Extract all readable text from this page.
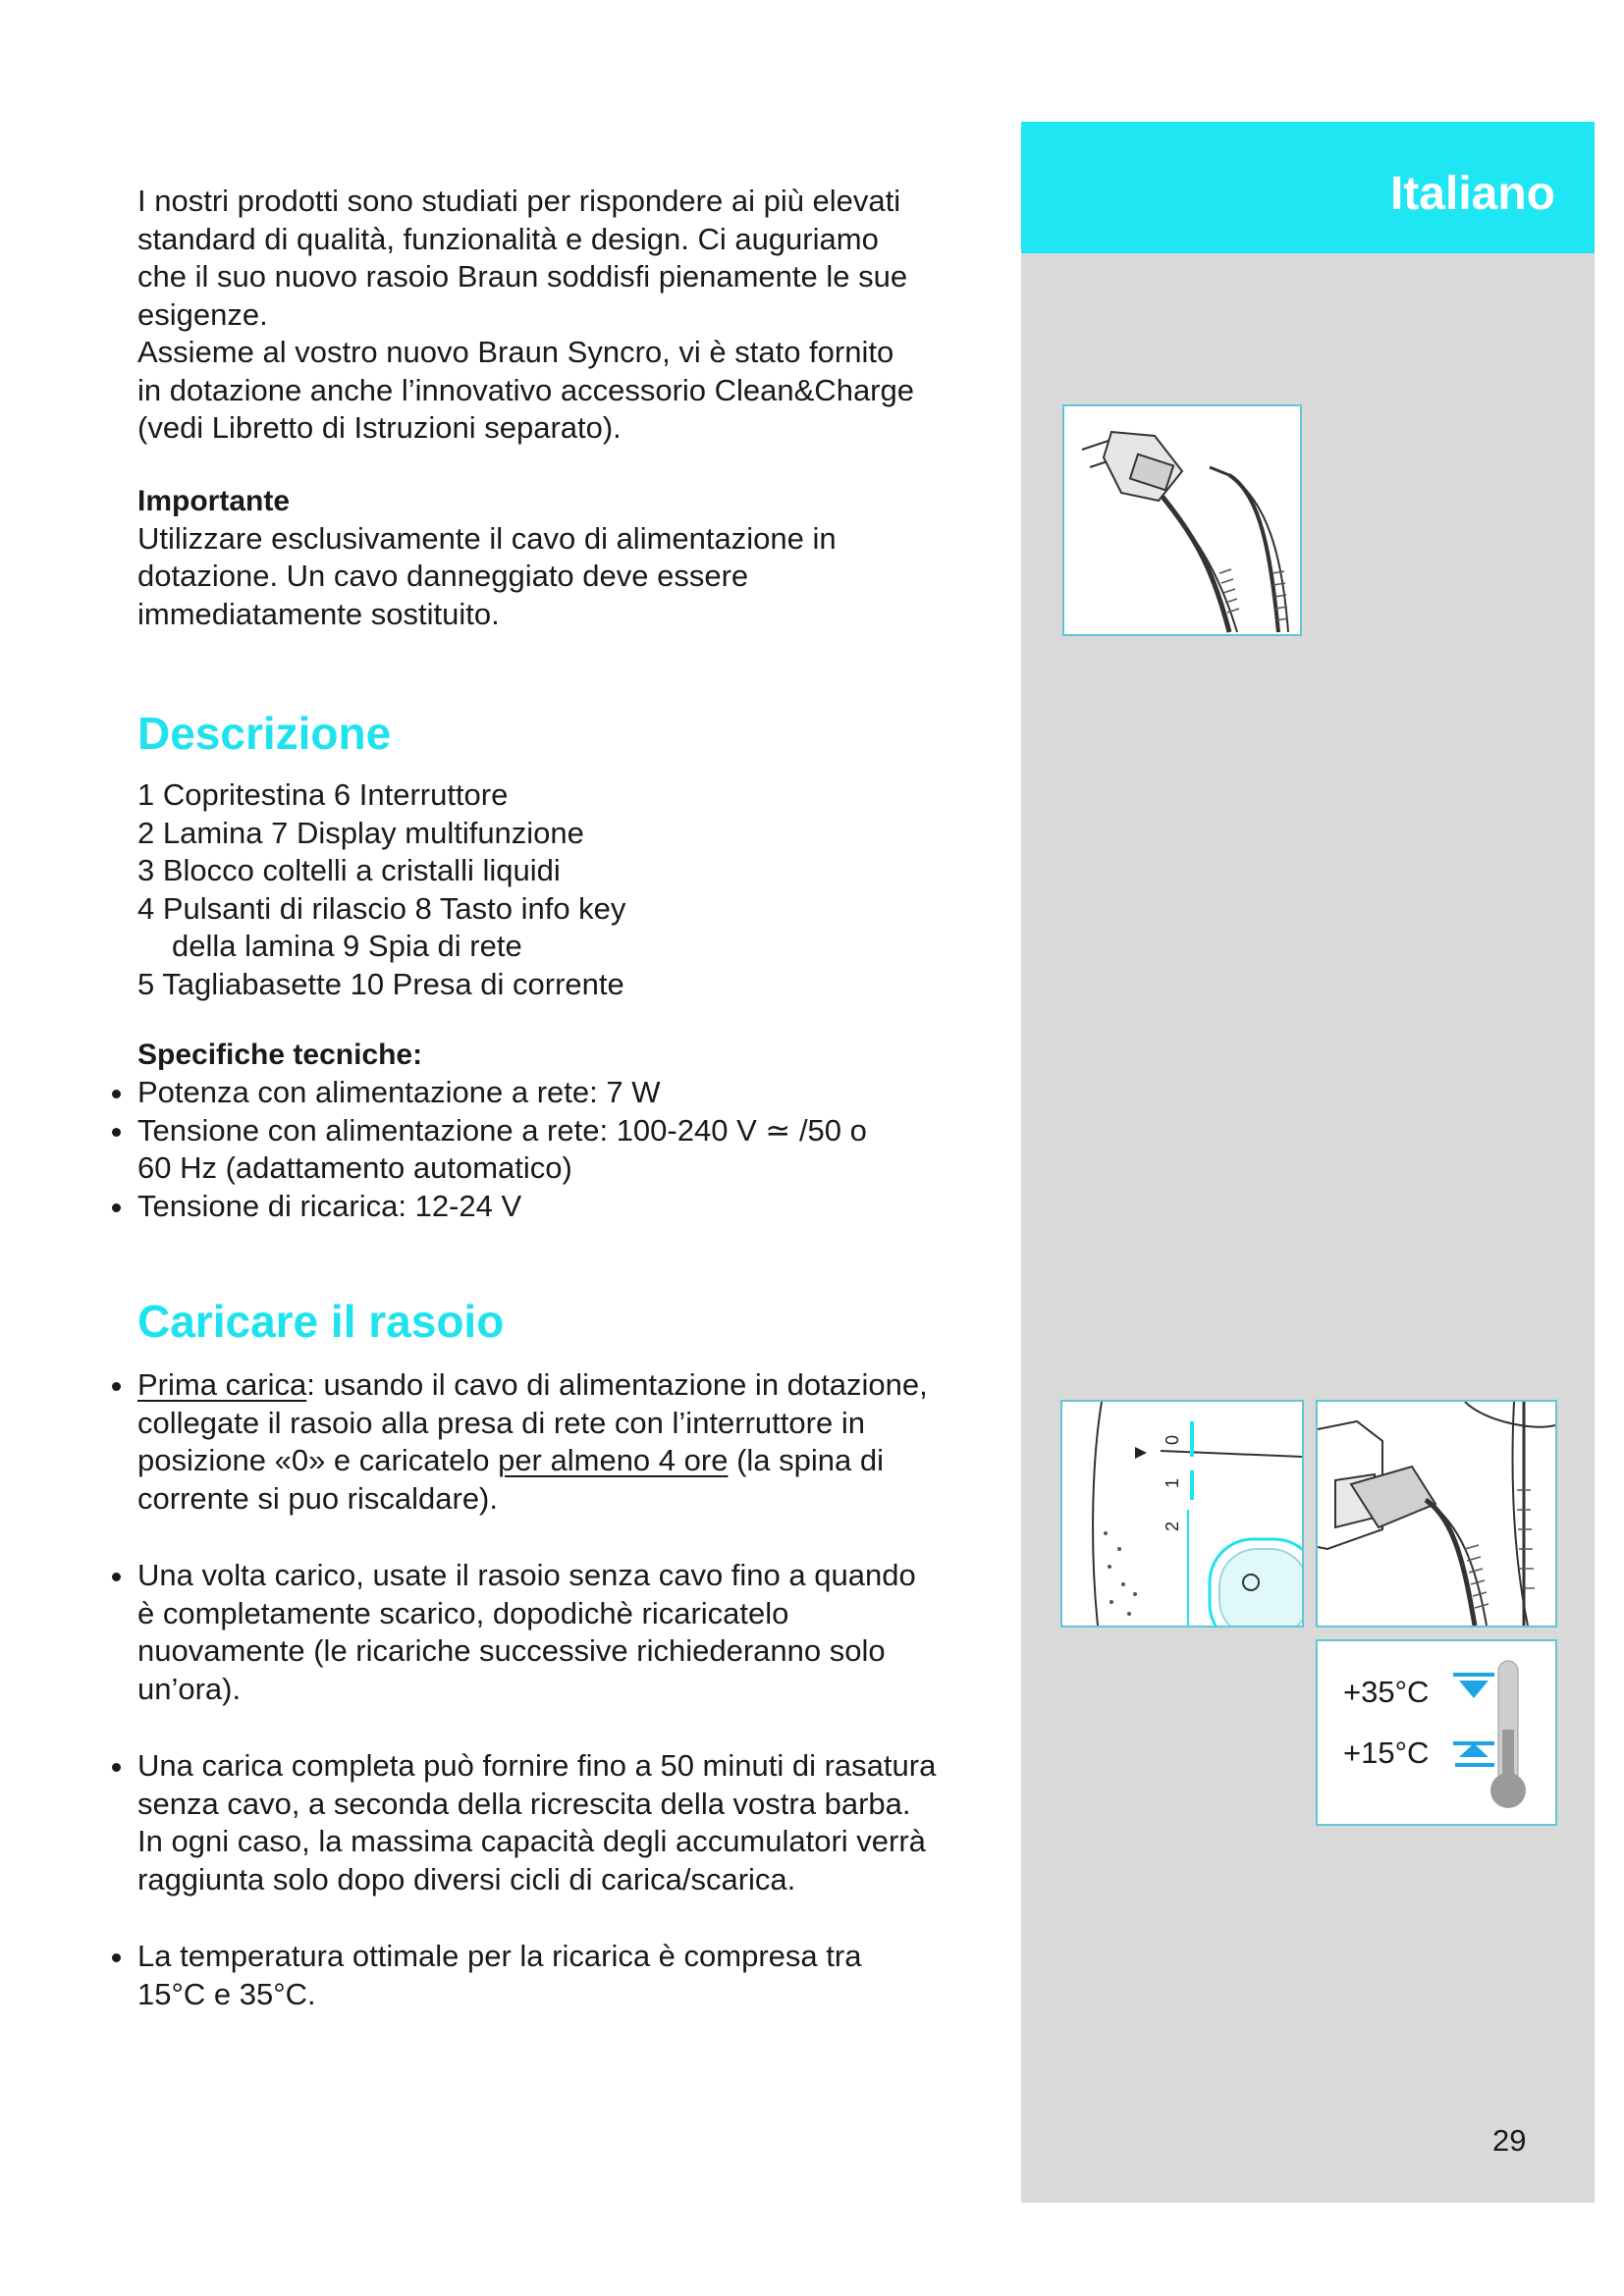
Italiano

I nostri prodotti sono studiati per rispondere ai più elevati

standard di qualità, funzionalità e design. Ci auguriamo

che il suo nuovo rasoio Braun soddisfi pienamente le sue

esigenze.

Assieme al vostro nuovo Braun Syncro, vi è stato fornito

in dotazione anche l’innovativo accessorio Clean&Charge

(vedi Libretto di Istruzioni separato).

Importante

Utilizzare esclusivamente il cavo di alimentazione in

dotazione. Un cavo danneggiato deve essere

immediatamente sostituito.

Descrizione

1 Copritestina 6 Interruttore

2 Lamina 7 Display multifunzione

3 Blocco coltelli a cristalli liquidi

4 Pulsanti di rilascio 8 Tasto info key

della lamina 9 Spia di rete

5 Tagliabasette 10 Presa di corrente

Specifiche tecniche:

Potenza con alimentazione a rete: 7 W
Tensione con alimentazione a rete: 100-240 V ≃ /50 o
60 Hz (adattamento automatico)
Tensione di ricarica: 12-24 V
Caricare il rasoio
Prima carica: usando il cavo di alimentazione in dotazione,
collegate il rasoio alla presa di rete con l’interruttore in
posizione «0» e caricatelo per almeno 4 ore (la spina di
corrente si puo riscaldare).
Una volta carico, usate il rasoio senza cavo fino a quando
è completamente scarico, dopodichè ricaricatelo
nuovamente (le ricariche successive richiederanno solo
un’ora).
Una carica completa può fornire fino a 50 minuti di rasatura
senza cavo, a seconda della ricrescita della vostra barba.
In ogni caso, la massima capacità degli accumulatori verrà
raggiunta solo dopo diversi cicli di carica/scarica.
La temperatura ottimale per la ricarica è compresa tra
15°C e 35°C.
0
1
2
+35°C
+15°C
29
